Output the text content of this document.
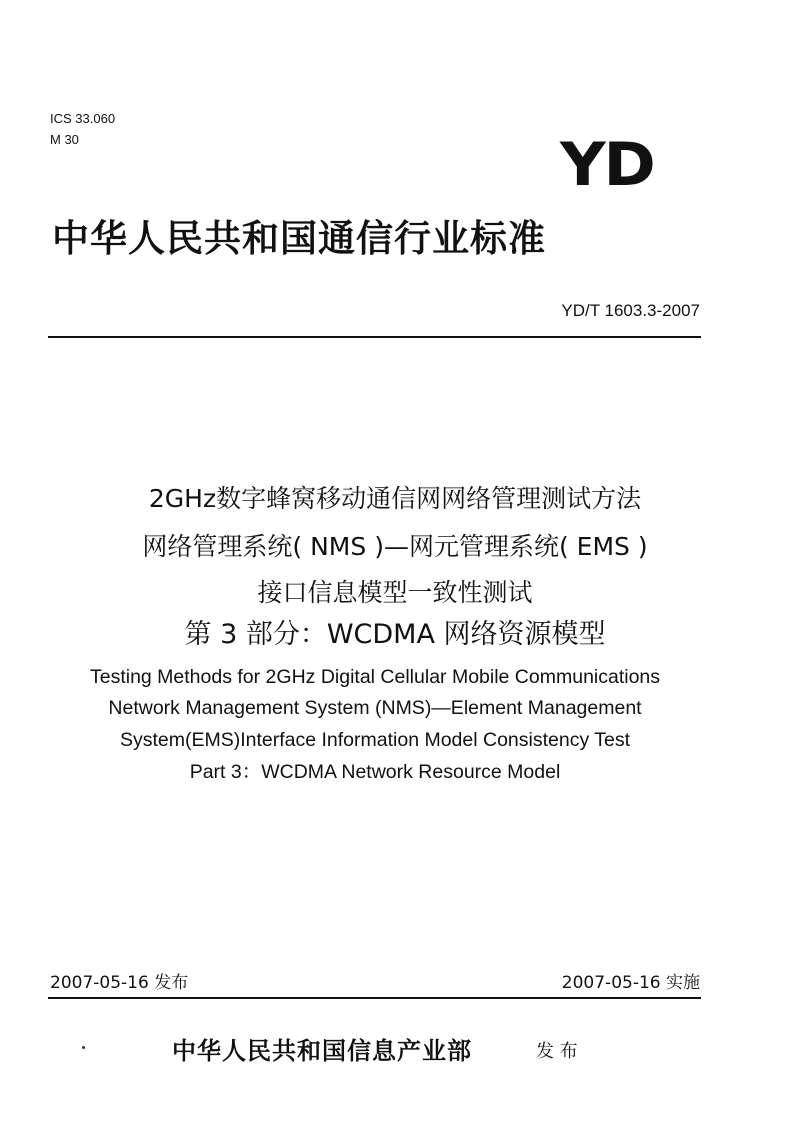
ICS 33.060
M 30	YD
中华人民共和国通信行业标准
YD/T 1603.3-2007
2GHz数字蜂窝移动通信网网络管理测试方法
网络管理系统( NMS )—网元管理系统( EMS )
接口信息模型一致性测试
第 3 部分：WCDMA 网络资源模型
Testing Methods for 2GHz Digital Cellular Mobile Communications
Network Management System (NMS)—Element Management
System(EMS)Interface Information Model Consistency Test
Part 3：WCDMA Network Resource Model
2007-05-16 发布	2007-05-16 实施
中华人民共和国信息产业部	发 布
